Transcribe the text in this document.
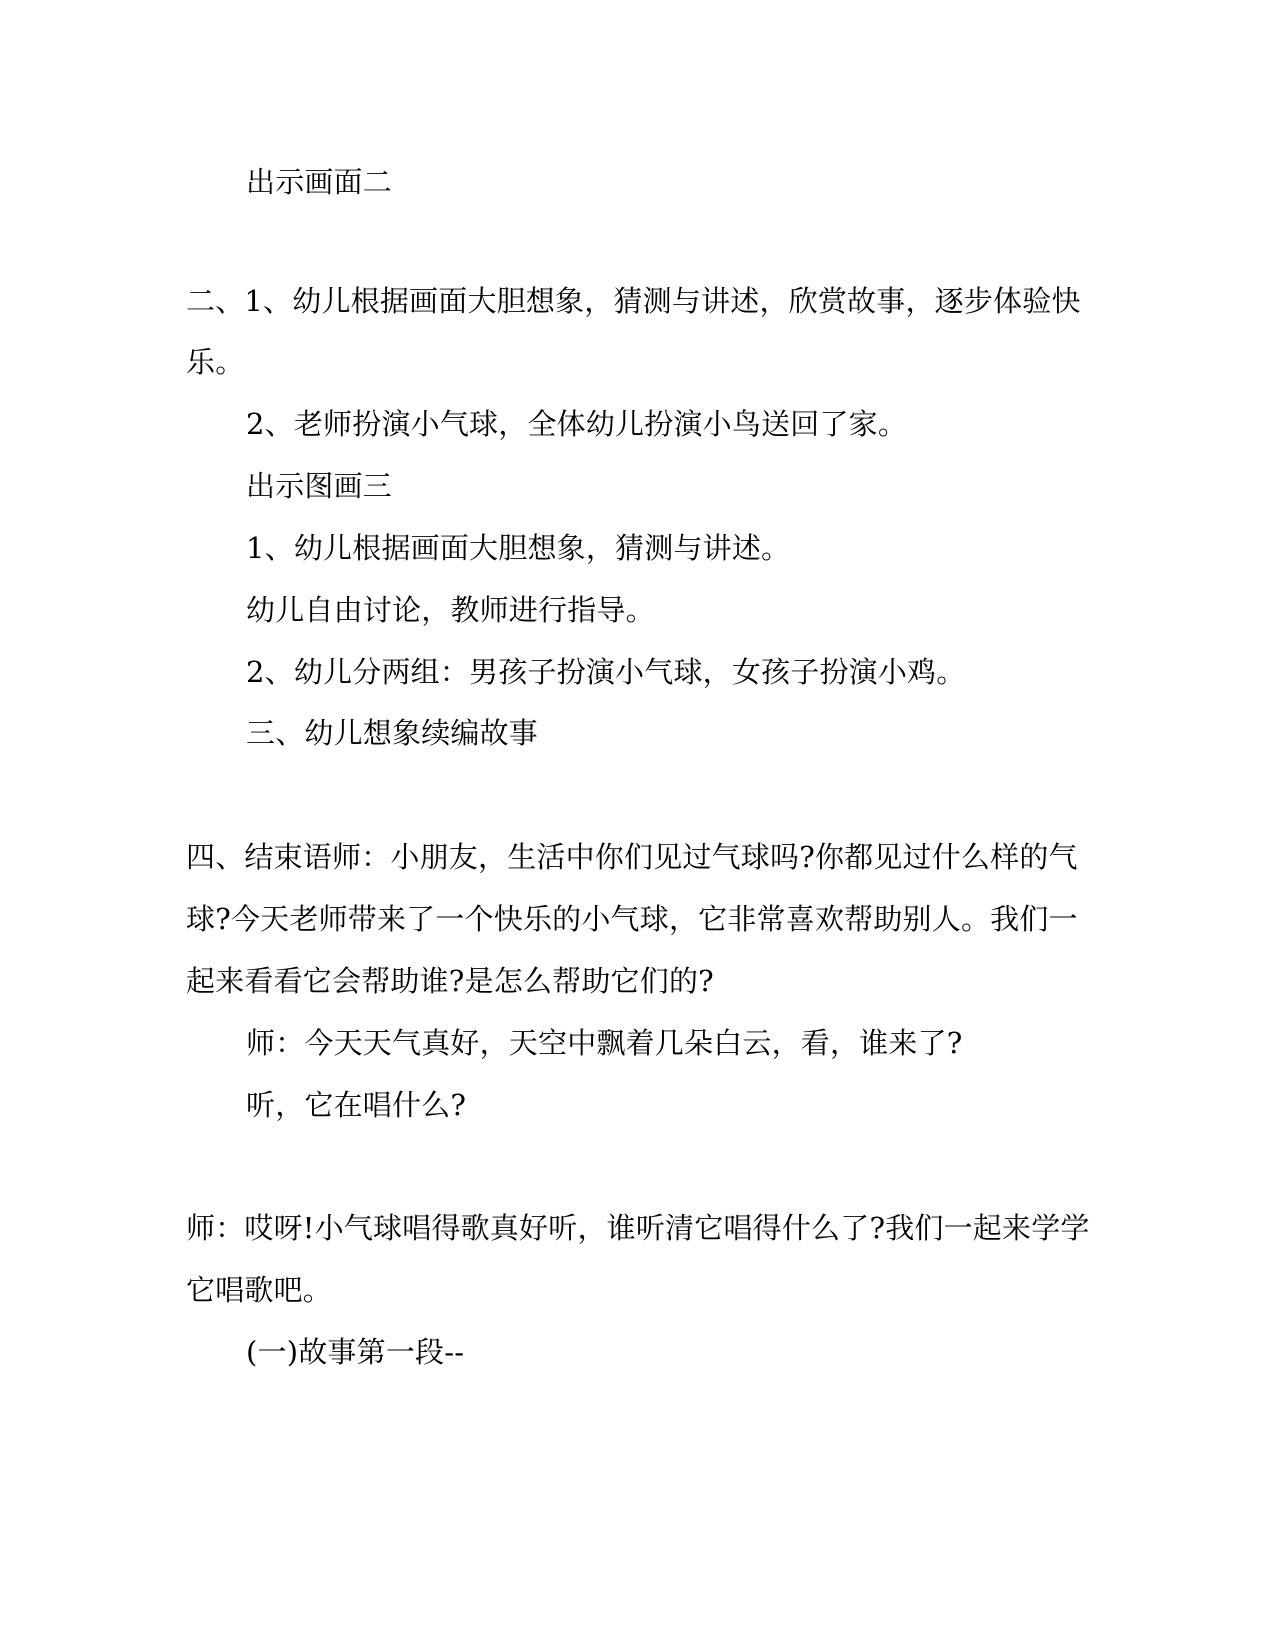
出示画面二
二、1、幼儿根据画面大胆想象，猜测与讲述，欣赏故事，逐步体验快
乐。
2、老师扮演小气球，全体幼儿扮演小鸟送回了家。
出示图画三
1、幼儿根据画面大胆想象，猜测与讲述。
幼儿自由讨论，教师进行指导。
2、幼儿分两组：男孩子扮演小气球，女孩子扮演小鸡。
三、幼儿想象续编故事
四、结束语师：小朋友，生活中你们见过气球吗?你都见过什么样的气
球?今天老师带来了一个快乐的小气球，它非常喜欢帮助别人。我们一
起来看看它会帮助谁?是怎么帮助它们的?
师：今天天气真好，天空中飘着几朵白云，看，谁来了?
听，它在唱什么?
师：哎呀!小气球唱得歌真好听，谁听清它唱得什么了?我们一起来学学
它唱歌吧。
(一)故事第一段--
